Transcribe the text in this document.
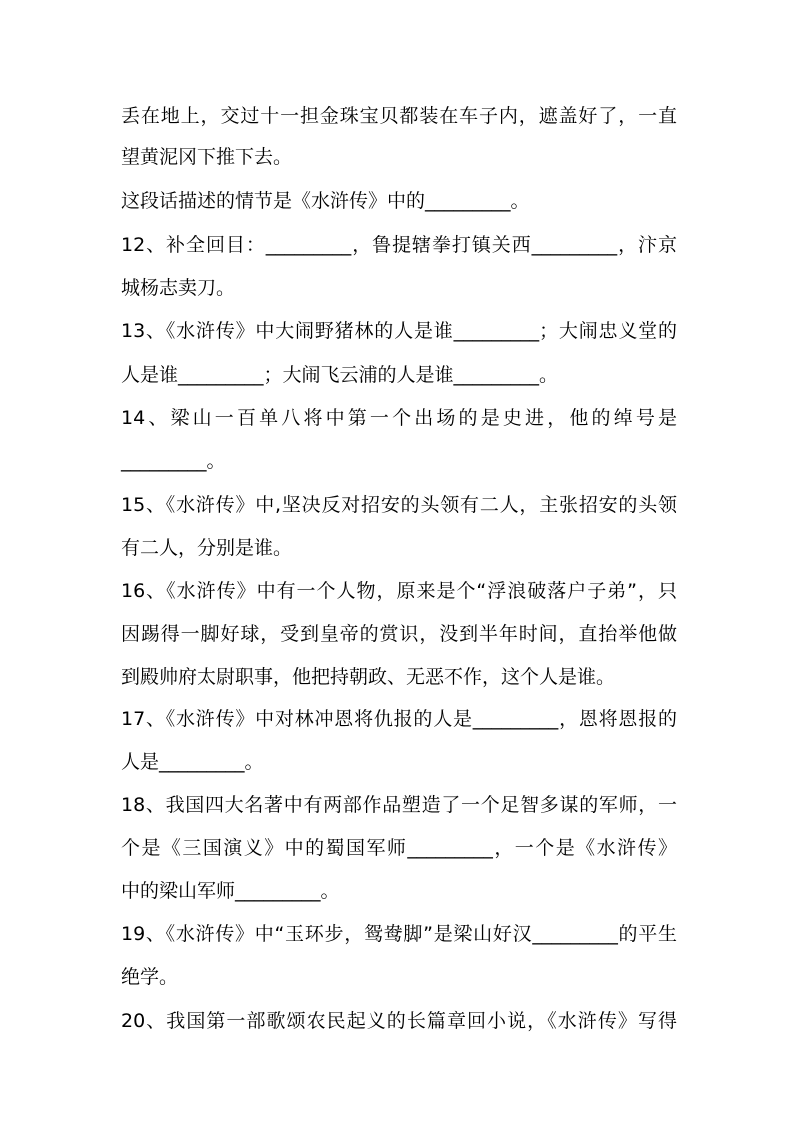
丢在地上，交过十一担金珠宝贝都装在车子内，遮盖好了，一直
望黄泥冈下推下去。
这段话描述的情节是《水浒传》中的_________。
12、补全回目：_________，鲁提辖拳打镇关西_________，汴京
城杨志卖刀。
13、《水浒传》中大闹野猪林的人是谁_________；大闹忠义堂的
人是谁_________；大闹飞云浦的人是谁_________。
14、梁山一百单八将中第一个出场的是史进，他的绰号是
_________。
15、《水浒传》中,坚决反对招安的头领有二人，主张招安的头领
有二人，分别是谁。
16、《水浒传》中有一个人物，原来是个“浮浪破落户子弟”，只
因踢得一脚好球，受到皇帝的赏识，没到半年时间，直抬举他做
到殿帅府太尉职事，他把持朝政、无恶不作，这个人是谁。
17、《水浒传》中对林冲恩将仇报的人是_________，恩将恩报的
人是_________。
18、我国四大名著中有两部作品塑造了一个足智多谋的军师，一
个是《三国演义》中的蜀国军师_________，一个是《水浒传》
中的梁山军师_________。
19、《水浒传》中“玉环步，鸳鸯脚”是梁山好汉_________的平生
绝学。
20、我国第一部歌颂农民起义的长篇章回小说，《水浒传》写得
